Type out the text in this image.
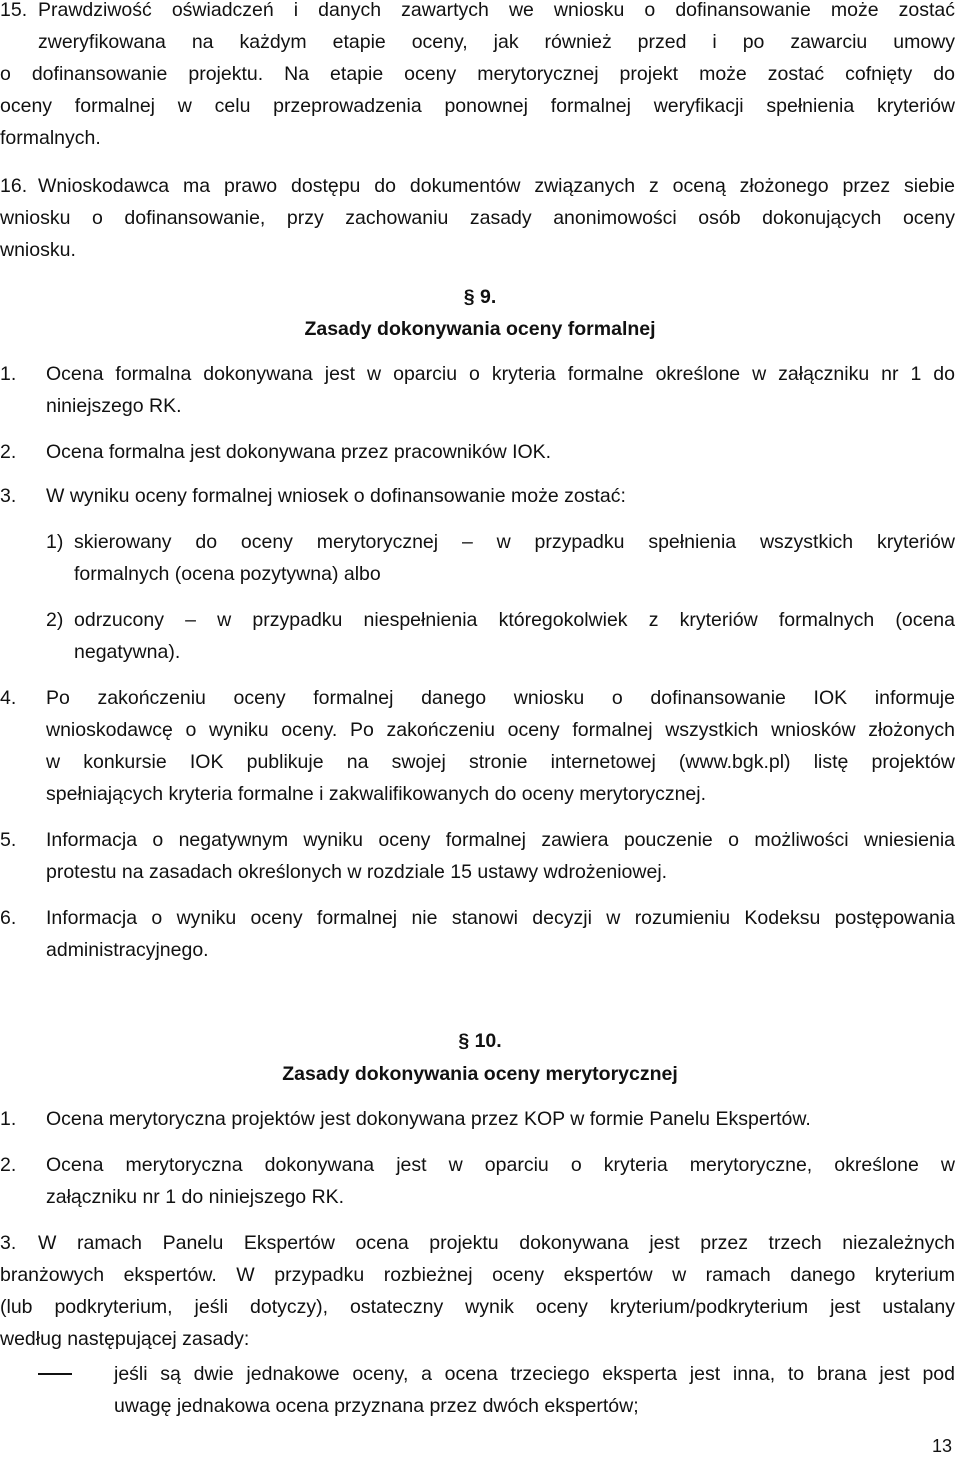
15. Prawdziwość oświadczeń i danych zawartych we wniosku o dofinansowanie może zostać
zweryfikowana na każdym etapie oceny, jak również przed i po zawarciu umowy
o dofinansowanie projektu. Na etapie oceny merytorycznej projekt może zostać cofnięty do
oceny formalnej w celu przeprowadzenia ponownej formalnej weryfikacji spełnienia kryteriów
formalnych.
16. Wnioskodawca ma prawo dostępu do dokumentów związanych z oceną złożonego przez siebie
wniosku o dofinansowanie, przy zachowaniu zasady anonimowości osób dokonujących oceny
wniosku.
§ 9.
Zasady dokonywania oceny formalnej
1. Ocena formalna dokonywana jest w oparciu o kryteria formalne określone w załączniku nr 1 do
niniejszego RK.
2. Ocena formalna jest dokonywana przez pracowników IOK.
3. W wyniku oceny formalnej wniosek o dofinansowanie może zostać:
1) skierowany do oceny merytorycznej – w przypadku spełnienia wszystkich kryteriów
formalnych (ocena pozytywna) albo
2) odrzucony – w przypadku niespełnienia któregokolwiek z kryteriów formalnych (ocena
negatywna).
4. Po zakończeniu oceny formalnej danego wniosku o dofinansowanie IOK informuje
wnioskodawcę o wyniku oceny. Po zakończeniu oceny formalnej wszystkich wniosków złożonych
w konkursie IOK publikuje na swojej stronie internetowej (www.bgk.pl) listę projektów
spełniających kryteria formalne i zakwalifikowanych do oceny merytorycznej.
5. Informacja o negatywnym wyniku oceny formalnej zawiera pouczenie o możliwości wniesienia
protestu na zasadach określonych w rozdziale 15 ustawy wdrożeniowej.
6. Informacja o wyniku oceny formalnej nie stanowi decyzji w rozumieniu Kodeksu postępowania
administracyjnego.
§ 10.
Zasady dokonywania oceny merytorycznej
1. Ocena merytoryczna projektów jest dokonywana przez KOP w formie Panelu Ekspertów.
2. Ocena merytoryczna dokonywana jest w oparciu o kryteria merytoryczne, określone w
załączniku nr 1 do niniejszego RK.
3. W ramach Panelu Ekspertów ocena projektu dokonywana jest przez trzech niezależnych
branżowych ekspertów. W przypadku rozbieżnej oceny ekspertów w ramach danego kryterium
(lub podkryterium, jeśli dotyczy), ostateczny wynik oceny kryterium/podkryterium jest ustalany
według następującej zasady:
jeśli są dwie jednakowe oceny, a ocena trzeciego eksperta jest inna, to brana jest pod
uwagę jednakowa ocena przyznana przez dwóch ekspertów;
13
